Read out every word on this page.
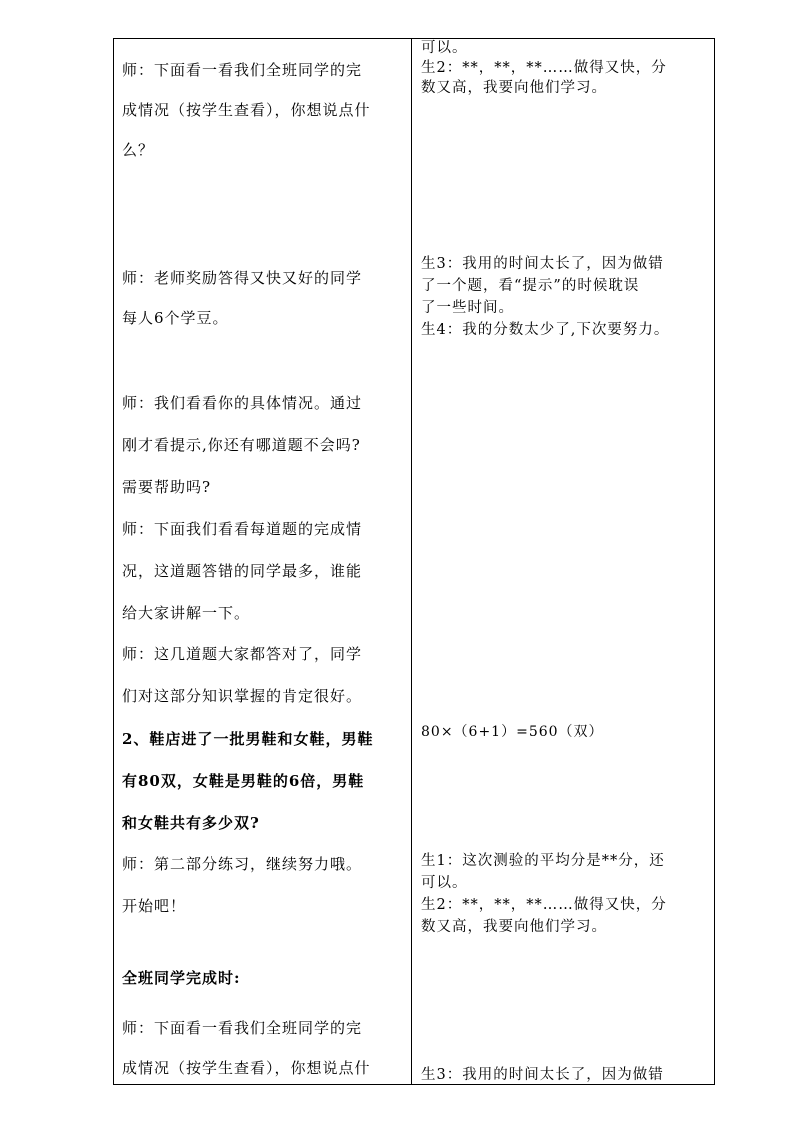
师：下面看一看我们全班同学的完
成情况（按学生查看），你想说点什
么？
师：老师奖励答得又快又好的同学
每人6个学豆。
师：我们看看你的具体情况。通过
刚才看提示,你还有哪道题不会吗?
需要帮助吗?
师：下面我们看看每道题的完成情
况，这道题答错的同学最多，谁能
给大家讲解一下。
师：这几道题大家都答对了，同学
们对这部分知识掌握的肯定很好。
2、鞋店进了一批男鞋和女鞋，男鞋
有80双，女鞋是男鞋的6倍，男鞋
和女鞋共有多少双?
师：第二部分练习，继续努力哦。
开始吧！
全班同学完成时:
师：下面看一看我们全班同学的完
成情况（按学生查看），你想说点什
可以。
生2：**，**，**……做得又快，分
数又高，我要向他们学习。
生3：我用的时间太长了，因为做错
了一个题，看“提示”的时候耽误
了一些时间。
生4：我的分数太少了,下次要努力。
80×（6+1）=560（双）
生1：这次测验的平均分是**分，还
可以。
生2：**，**，**……做得又快，分
数又高，我要向他们学习。
生3：我用的时间太长了，因为做错
